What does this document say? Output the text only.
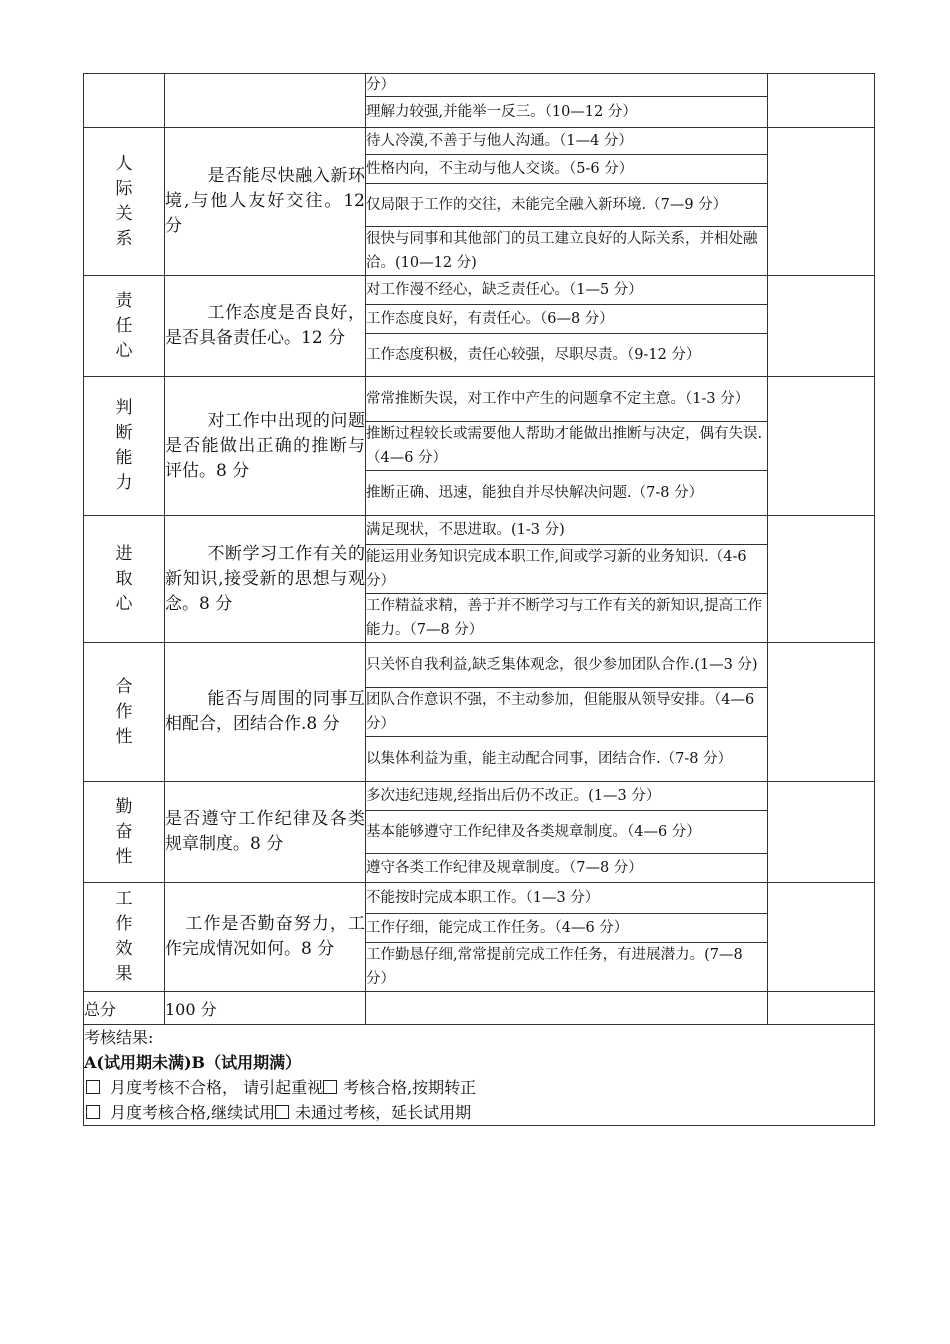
		分）	
		理解力较强,并能举一反三。（10—12 分）	

人
际
关
系	是否能尽快融入新环境,与他人友好交往。12 分	待人冷漠,不善于与他人沟通。（1—4 分）	
		性格内向，不主动与他人交谈。（5-6 分）	
		仅局限于工作的交往，未能完全融入新环境.（7—9 分）	
		很快与同事和其他部门的员工建立良好的人际关系，并相处融洽。(10—12 分)	

责
任
心	工作态度是否良好，是否具备责任心。12 分	对工作漫不经心，缺乏责任心。（1—5 分）	
		工作态度良好，有责任心。（6—8 分）	
		工作态度积极，责任心较强，尽职尽责。（9-12 分）	

判
断
能
力	对工作中出现的问题是否能做出正确的推断与评估。8 分	常常推断失误，对工作中产生的问题拿不定主意。（1-3 分）	
		推断过程较长或需要他人帮助才能做出推断与决定，偶有失误.（4—6 分）	
		推断正确、迅速，能独自并尽快解决问题.（7-8 分）	

进
取
心	不断学习工作有关的新知识,接受新的思想与观念。8 分	满足现状，不思进取。(1-3 分)	
		能运用业务知识完成本职工作,间或学习新的业务知识.（4-6 分）	
		工作精益求精，善于并不断学习与工作有关的新知识,提高工作能力。（7—8 分）	

合
作
性	能否与周围的同事互相配合，团结合作.8 分	只关怀自我利益,缺乏集体观念，很少参加团队合作.(1—3 分)	
		团队合作意识不强，不主动参加，但能服从领导安排。（4—6 分）	
		以集体利益为重，能主动配合同事，团结合作.（7-8 分）	

勤
奋
性	是否遵守工作纪律及各类规章制度。8 分	多次违纪违规,经指出后仍不改正。(1—3 分）	
		基本能够遵守工作纪律及各类规章制度。（4—6 分）	
		遵守各类工作纪律及规章制度。（7—8 分）	

工
作
效
果	工作是否勤奋努力，工作完成情况如何。8 分	不能按时完成本职工作。（1—3 分）	
		工作仔细，能完成工作任务。（4—6 分）	
		工作勤恳仔细,常常提前完成工作任务，有进展潜力。(7—8 分）	
总分	100 分		

考核结果:
A(试用期未满)B（试用期满）
月度考核不合格， 请引起重视 考核合格,按期转正
月度考核合格,继续试用 未通过考核，延长试用期			
